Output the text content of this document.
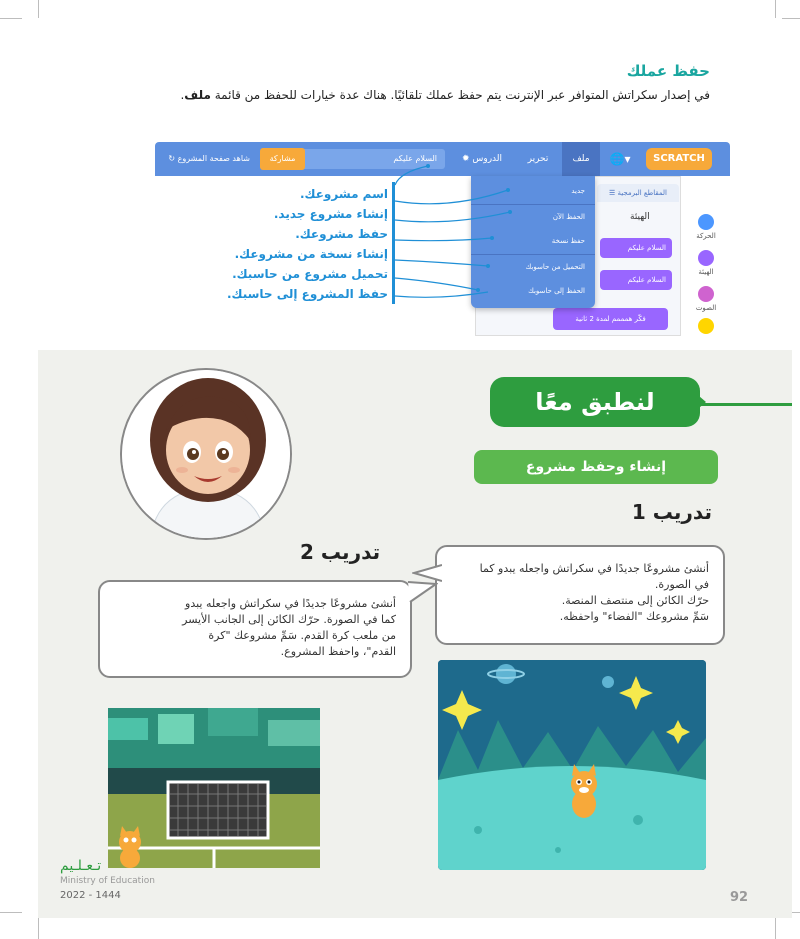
حفظ عملك
في إصدار سكراتش المتوافر عبر الإنترنت يتم حفظ عملك تلقائيًا. هناك عدة خيارات للحفظ من قائمة ملف.
SCRATCH
🌐▾
ملف
تحرير
✹ الدروس
السلام عليكم
مشاركة
↻ شاهد صفحة المشروع
☰ المقاطع البرمجية
الهيئة
الحركة
الهيئة
الصوت
السلام عليكم
السلام عليكم
فكّر همممم لمدة 2 ثانية
جديد
الحفظ الآن
حفظ نسخة
التحميل من حاسوبك
الحفظ إلى حاسوبك
اسم مشروعك.
إنشاء مشروع جديد.
حفظ مشروعك.
إنشاء نسخة من مشروعك.
تحميل مشروع من حاسبك.
حفظ المشروع إلى حاسبك.
لنطبق معًا
إنشاء وحفظ مشروع
تدريب 1
تدريب 2
أنشئ مشروعًا جديدًا في سكراتش واجعله يبدو كما
في الصورة.
حرّك الكائن إلى منتصف المنصة.
سَمِّ مشروعك "الفضاء" واحفظه.
أنشئ مشروعًا جديدًا في سكراتش واجعله يبدو
كما في الصورة. حرّك الكائن إلى الجانب الأيسر
من ملعب كرة القدم. سَمِّ مشروعك "كرة
القدم"، واحفظ المشروع.
تـعـلـيم
Ministry of Education
2022 - 1444	92
